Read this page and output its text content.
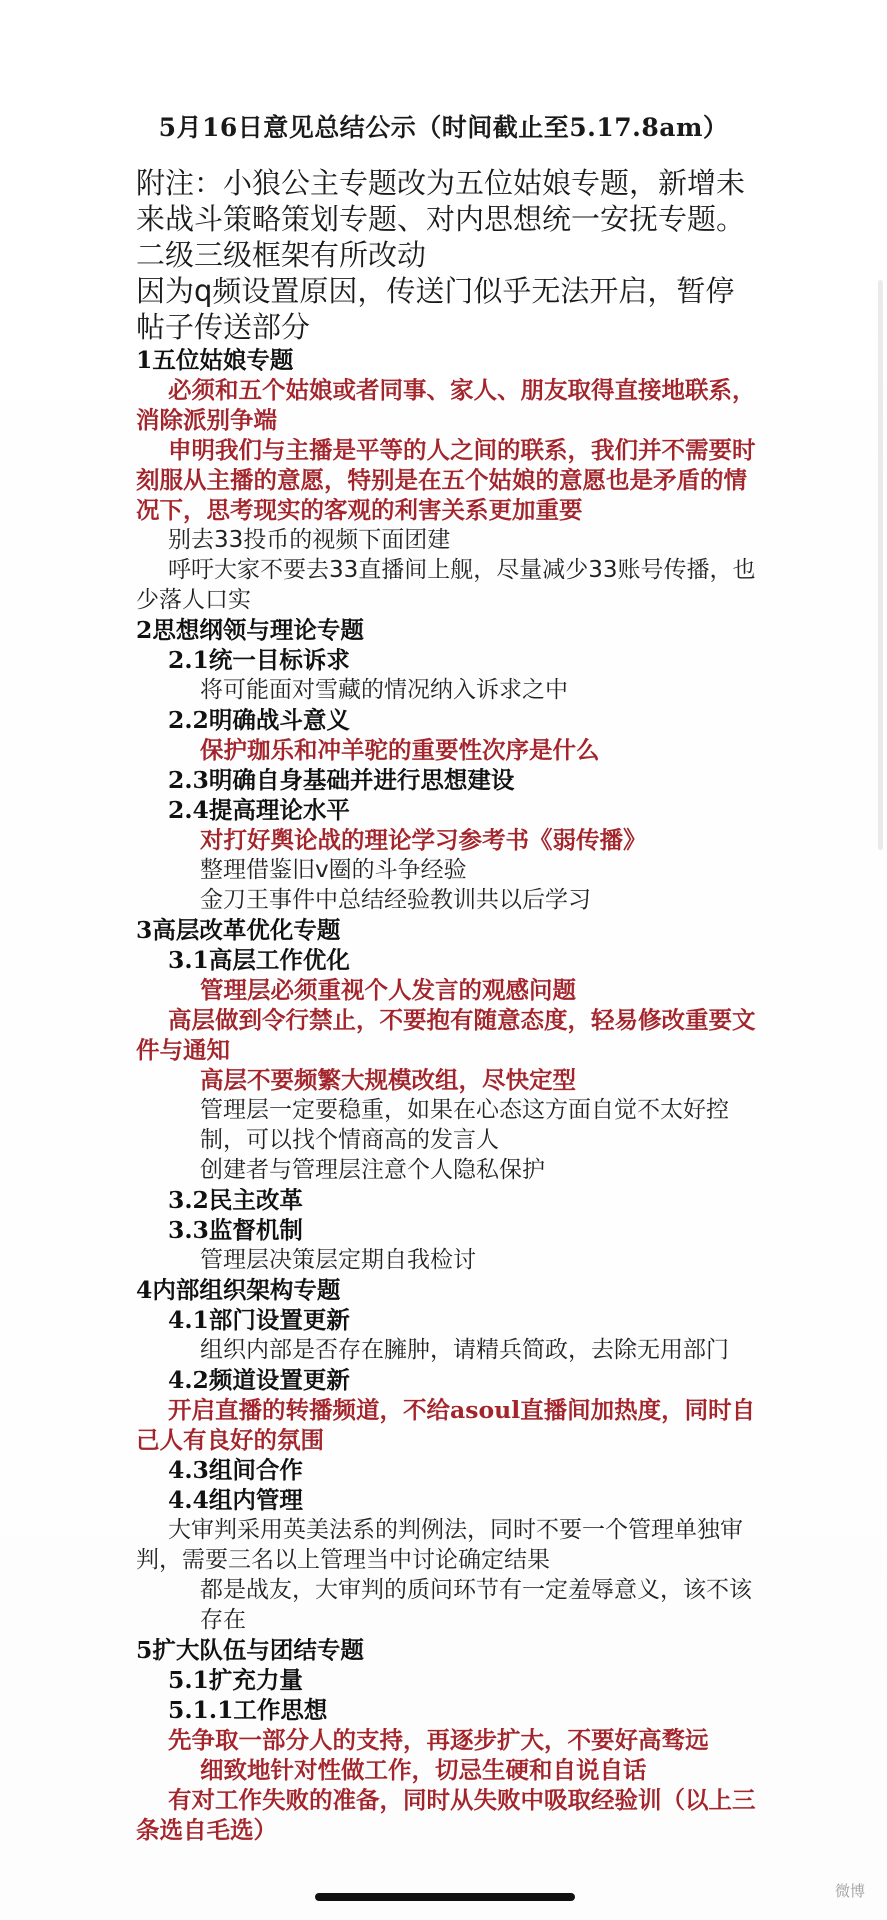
5月16日意见总结公示（时间截止至5.17.8am）
附注：小狼公主专题改为五位姑娘专题，新增未来战斗策略策划专题、对内思想统一安抚专题。二级三级框架有所改动
因为q频设置原因，传送门似乎无法开启，暂停帖子传送部分
1五位姑娘专题
必须和五个姑娘或者同事、家人、朋友取得直接地联系，消除派别争端
申明我们与主播是平等的人之间的联系，我们并不需要时刻服从主播的意愿，特别是在五个姑娘的意愿也是矛盾的情况下，思考现实的客观的利害关系更加重要
别去33投币的视频下面团建
呼吁大家不要去33直播间上舰，尽量减少33账号传播，也少落人口实
2思想纲领与理论专题
2.1统一目标诉求
将可能面对雪藏的情况纳入诉求之中
2.2明确战斗意义
保护珈乐和冲羊驼的重要性次序是什么
2.3明确自身基础并进行思想建设
2.4提高理论水平
对打好舆论战的理论学习参考书《弱传播》
整理借鉴旧v圈的斗争经验
金刀王事件中总结经验教训共以后学习
3高层改革优化专题
3.1高层工作优化
管理层必须重视个人发言的观感问题
高层做到令行禁止，不要抱有随意态度，轻易修改重要文件与通知
高层不要频繁大规模改组，尽快定型
管理层一定要稳重，如果在心态这方面自觉不太好控制，可以找个情商高的发言人
创建者与管理层注意个人隐私保护
3.2民主改革
3.3监督机制
管理层决策层定期自我检讨
4内部组织架构专题
4.1部门设置更新
组织内部是否存在臃肿，请精兵简政，去除无用部门
4.2频道设置更新
开启直播的转播频道，不给asoul直播间加热度，同时自己人有良好的氛围
4.3组间合作
4.4组内管理
大审判采用英美法系的判例法，同时不要一个管理单独审判，需要三名以上管理当中讨论确定结果
都是战友，大审判的质问环节有一定羞辱意义，该不该存在
5扩大队伍与团结专题
5.1扩充力量
5.1.1工作思想
先争取一部分人的支持，再逐步扩大，不要好高骛远
细致地针对性做工作，切忌生硬和自说自话
有对工作失败的准备，同时从失败中吸取经验训（以上三条选自毛选）
微博
